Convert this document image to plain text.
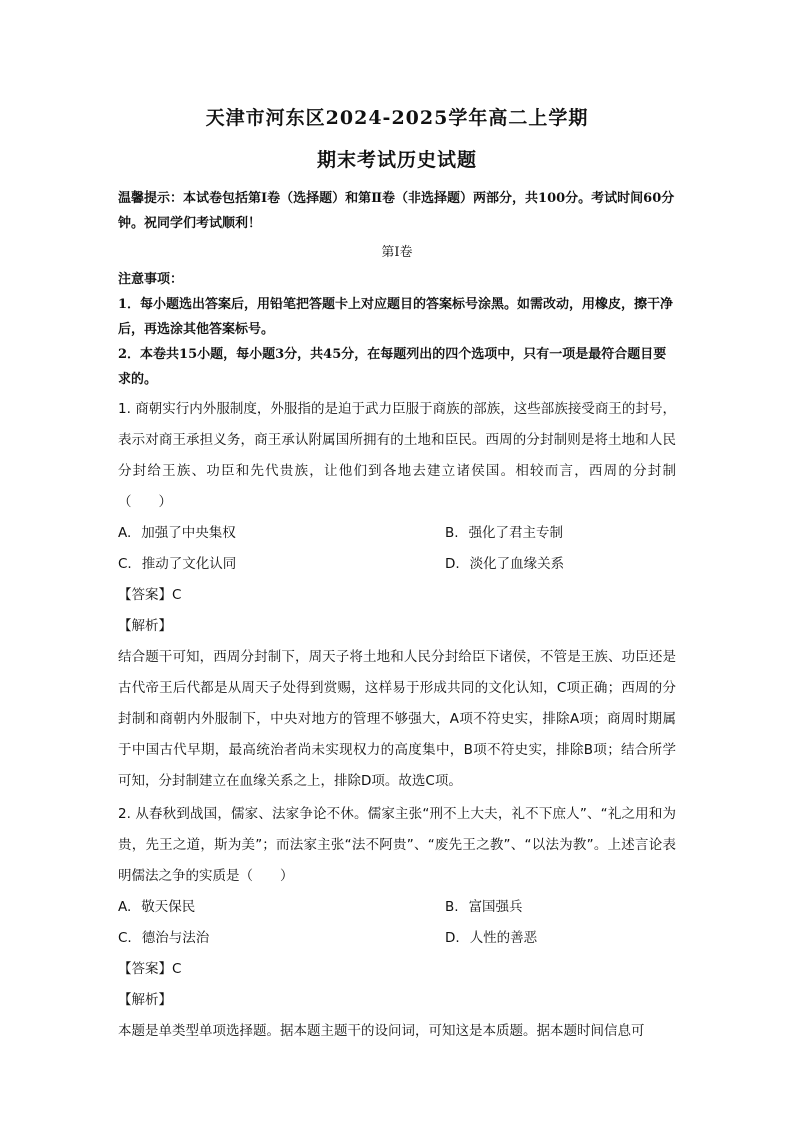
天津市河东区2024-2025学年高二上学期
期末考试历史试题
温馨提示：本试卷包括第Ⅰ卷（选择题）和第Ⅱ卷（非选择题）两部分，共100分。考试时间60分钟。祝同学们考试顺利！
第Ⅰ卷
注意事项：
1．每小题选出答案后，用铅笔把答题卡上对应题目的答案标号涂黑。如需改动，用橡皮，擦干净后，再选涂其他答案标号。
2．本卷共15小题，每小题3分，共45分，在每题列出的四个选项中，只有一项是最符合题目要求的。
1. 商朝实行内外服制度，外服指的是迫于武力臣服于商族的部族，这些部族接受商王的封号，表示对商王承担义务，商王承认附属国所拥有的土地和臣民。西周的分封制则是将土地和人民分封给王族、功臣和先代贵族，让他们到各地去建立诸侯国。相较而言，西周的分封制（　　）
A. 加强了中央集权	B. 强化了君主专制
C. 推动了文化认同	D. 淡化了血缘关系
【答案】C
【解析】
结合题干可知，西周分封制下，周天子将土地和人民分封给臣下诸侯，不管是王族、功臣还是古代帝王后代都是从周天子处得到赏赐，这样易于形成共同的文化认知，C项正确；西周的分封制和商朝内外服制下，中央对地方的管理不够强大，A项不符史实，排除A项；商周时期属于中国古代早期，最高统治者尚未实现权力的高度集中，B项不符史实，排除B项；结合所学可知，分封制建立在血缘关系之上，排除D项。故选C项。
2. 从春秋到战国，儒家、法家争论不休。儒家主张“刑不上大夫，礼不下庶人”、“礼之用和为贵，先王之道，斯为美”；而法家主张“法不阿贵”、“废先王之教”、“以法为教”。上述言论表明儒法之争的实质是（　　）
A. 敬天保民	B. 富国强兵
C. 德治与法治	D. 人性的善恶
【答案】C
【解析】
本题是单类型单项选择题。据本题主题干的设问词，可知这是本质题。据本题时间信息可
